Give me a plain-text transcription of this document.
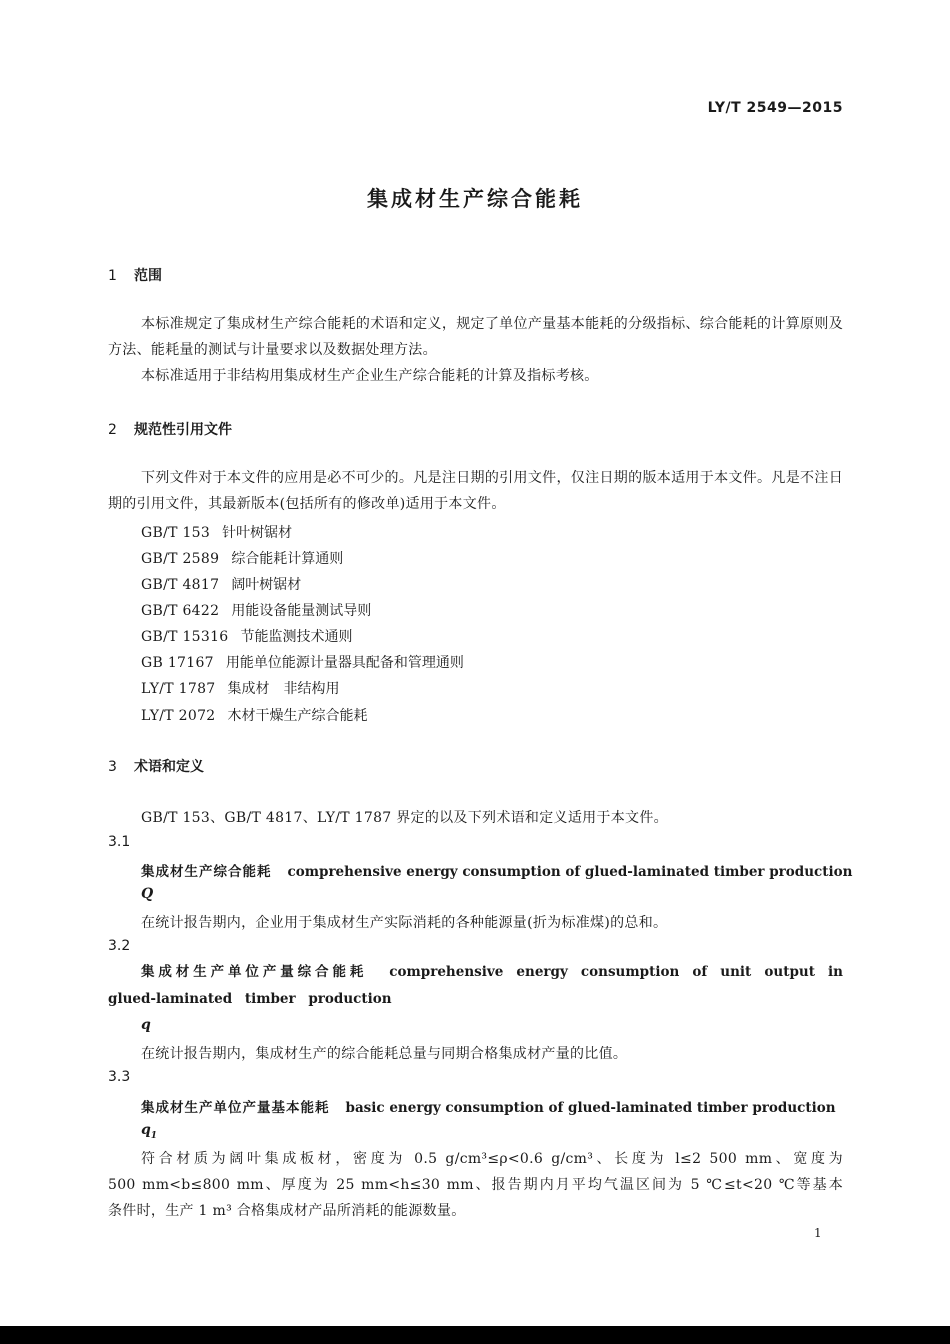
LY/T 2549—2015
集成材生产综合能耗
1 范围
本标准规定了集成材生产综合能耗的术语和定义，规定了单位产量基本能耗的分级指标、综合能耗的计算原则及方法、能耗量的测试与计量要求以及数据处理方法。
本标准适用于非结构用集成材生产企业生产综合能耗的计算及指标考核。
2 规范性引用文件
下列文件对于本文件的应用是必不可少的。凡是注日期的引用文件，仅注日期的版本适用于本文件。凡是不注日期的引用文件，其最新版本(包括所有的修改单)适用于本文件。
GB/T 153 针叶树锯材
GB/T 2589 综合能耗计算通则
GB/T 4817 阔叶树锯材
GB/T 6422 用能设备能量测试导则
GB/T 15316 节能监测技术通则
GB 17167 用能单位能源计量器具配备和管理通则
LY/T 1787 集成材　非结构用
LY/T 2072 木材干燥生产综合能耗
3 术语和定义
GB/T 153、GB/T 4817、LY/T 1787 界定的以及下列术语和定义适用于本文件。
3.1
集成材生产综合能耗 comprehensive energy consumption of glued-laminated timber production
Q
在统计报告期内，企业用于集成材生产实际消耗的各种能源量(折为标准煤)的总和。
3.2
集成材生产单位产量综合能耗 comprehensive energy consumption of unit output in glued-laminated timber production
q
在统计报告期内，集成材生产的综合能耗总量与同期合格集成材产量的比值。
3.3
集成材生产单位产量基本能耗 basic energy consumption of glued-laminated timber production
$q_1$
符合材质为阔叶集成板材，密度为 0.5 g/cm³≤ρ<0.6 g/cm³、长度为 l≤2 500 mm、宽度为
500 mm<b≤800 mm、厚度为 25 mm<h≤30 mm、报告期内月平均气温区间为 5 ℃≤t<20 ℃等基本
条件时，生产 1 m³ 合格集成材产品所消耗的能源数量。
1
